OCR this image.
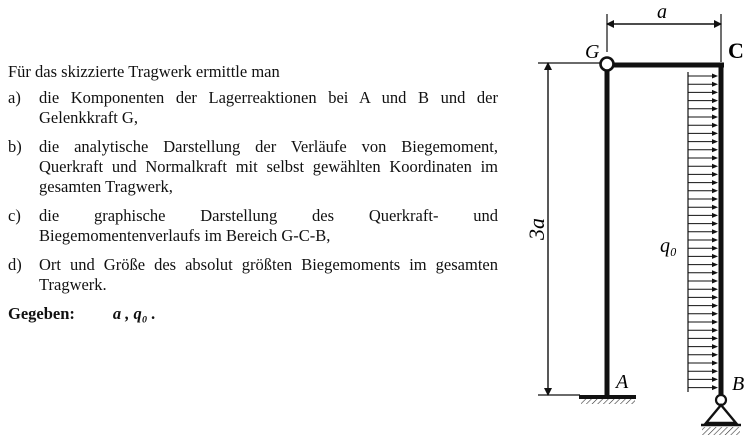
Für das skizzierte Tragwerk ermittle man

a)	die Komponenten der Lagerreaktionen bei A und B und der Gelenkkraft G,
b)	die analytische Darstellung der Verläufe von Biegemoment, Querkraft und Normalkraft mit selbst gewählten Koordinaten im gesamten Tragwerk,
c)	die graphische Darstellung des Querkraft- und Biegemomentenverlaufs im Bereich G-C-B,
d)	Ort und Größe des absolut größten Biegemoments im gesamten Tragwerk.
Gegeben: a , q₀ .
a
3a
G	C
q₀
A	B
